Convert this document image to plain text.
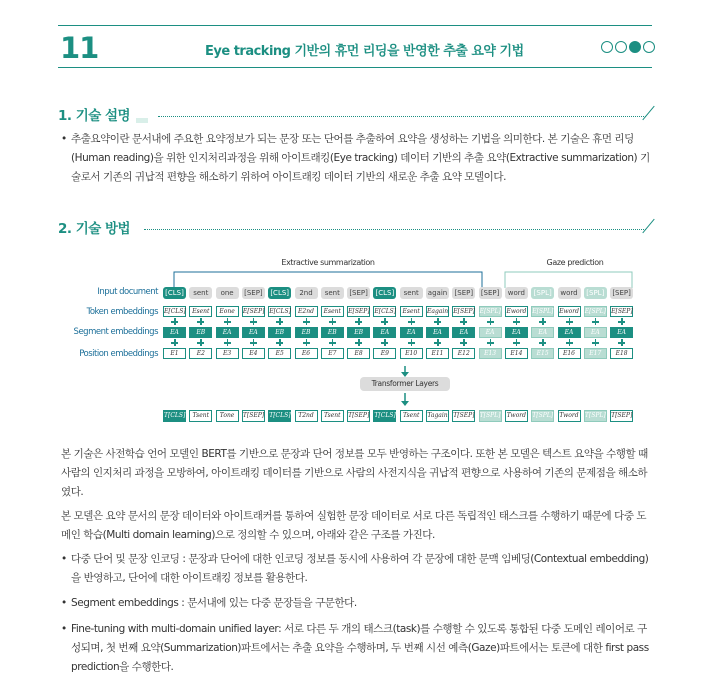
11	Eye tracking 기반의 휴먼 리딩을 반영한 추출 요약 기법
1. 기술 설명
• 추출요약이란 문서내에 주요한 요약정보가 되는 문장 또는 단어를 추출하여 요약을 생성하는 기법을 의미한다. 본 기술은 휴먼 리딩(Human reading)을 위한 인지처리과정을 위해 아이트래킹(Eye tracking) 데이터 기반의 추출 요약(Extractive summarization) 기술로서 기존의 귀납적 편향을 해소하기 위하여 아이트래킹 데이터 기반의 새로운 추출 요약 모델이다.
2. 기술 방법
Extractive summarization	Gaze prediction
Input document
Token embeddings
Segment embeddings
Position embeddings
[CLS]
E[CLS]
EA
E1
T[CLS]
sent
Esent
EB
E2
Tsent
one
Eone
EA
E3
Tone
[SEP]
E[SEP]
EA
E4
T[SEP]
[CLS]
E[CLS]
EB
E5
T[CLS]
2nd
E2nd
EB
E6
T2nd
sent
Esent
EB
E7
Tsent
[SEP]
E[SEP]
EB
E8
T[SEP]
[CLS]
E[CLS]
EA
E9
T[CLS]
sent
Esent
EA
E10
Tsent
again
Eagain
EA
E11
Tagain
[SEP]
E[SEP]
EA
E12
T[SEP]
[SEP]
E[SPL]
EA
E13
T[SPL]
word
Eword
EA
E14
Tword
[SPL]
E[SPL]
EA
E15
T[SPL]
word
Eword
EA
E16
Tword
[SPL]
E[SPL]
EA
E17
T[SPL]
[SEP]
E[SEP]
EA
E18
T[SEP]
Transformer Layers
본 기술은 사전학습 언어 모델인 BERT를 기반으로 문장과 단어 정보를 모두 반영하는 구조이다. 또한 본 모델은 텍스트 요약을 수행할 때 사람의 인지처리 과정을 모방하여, 아이트래킹 데이터를 기반으로 사람의 사전지식을 귀납적 편향으로 사용하여 기존의 문제점을 해소하였다.
본 모델은 요약 문서의 문장 데이터와 아이트래커를 통하여 실험한 문장 데이터로 서로 다른 독립적인 태스크를 수행하기 때문에 다중 도메인 학습(Multi domain learning)으로 정의할 수 있으며, 아래와 같은 구조를 가진다.
• 다중 단어 및 문장 인코딩 : 문장과 단어에 대한 인코딩 정보를 동시에 사용하여 각 문장에 대한 문맥 임베딩(Contextual embedding)을 반영하고, 단어에 대한 아이트래킹 정보를 활용한다.
• Segment embeddings : 문서내에 있는 다중 문장들을 구문한다.
• Fine-tuning with multi-domain unified layer: 서로 다른 두 개의 태스크(task)를 수행할 수 있도록 통합된 다중 도메인 레이어로 구성되며, 첫 번째 요약(Summarization)파트에서는 추출 요약을 수행하며, 두 번째 시선 예측(Gaze)파트에서는 토큰에 대한 first pass prediction을 수행한다.
